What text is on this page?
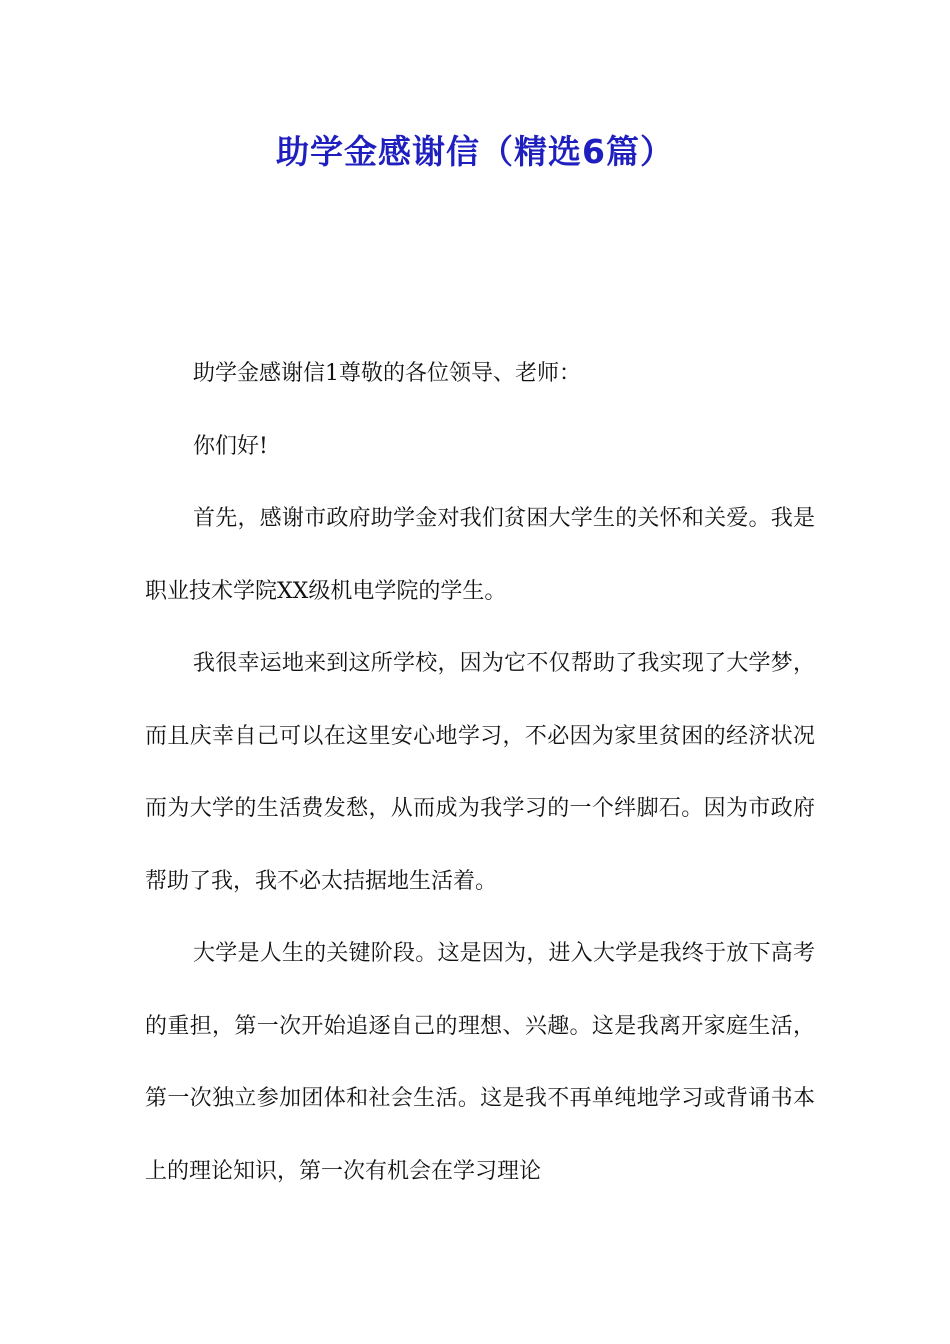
助学金感谢信（精选6篇）

助学金感谢信1尊敬的各位领导、老师：

你们好!

首先，感谢市政府助学金对我们贫困大学生的关怀和关爱。我是职业技术学院XX级机电学院的学生。

我很幸运地来到这所学校，因为它不仅帮助了我实现了大学梦，而且庆幸自己可以在这里安心地学习，不必因为家里贫困的经济状况而为大学的生活费发愁，从而成为我学习的一个绊脚石。因为市政府帮助了我，我不必太拮据地生活着。

大学是人生的关键阶段。这是因为，进入大学是我终于放下高考的重担，第一次开始追逐自己的理想、兴趣。这是我离开家庭生活，第一次独立参加团体和社会生活。这是我不再单纯地学习或背诵书本上的理论知识，第一次有机会在学习理论
